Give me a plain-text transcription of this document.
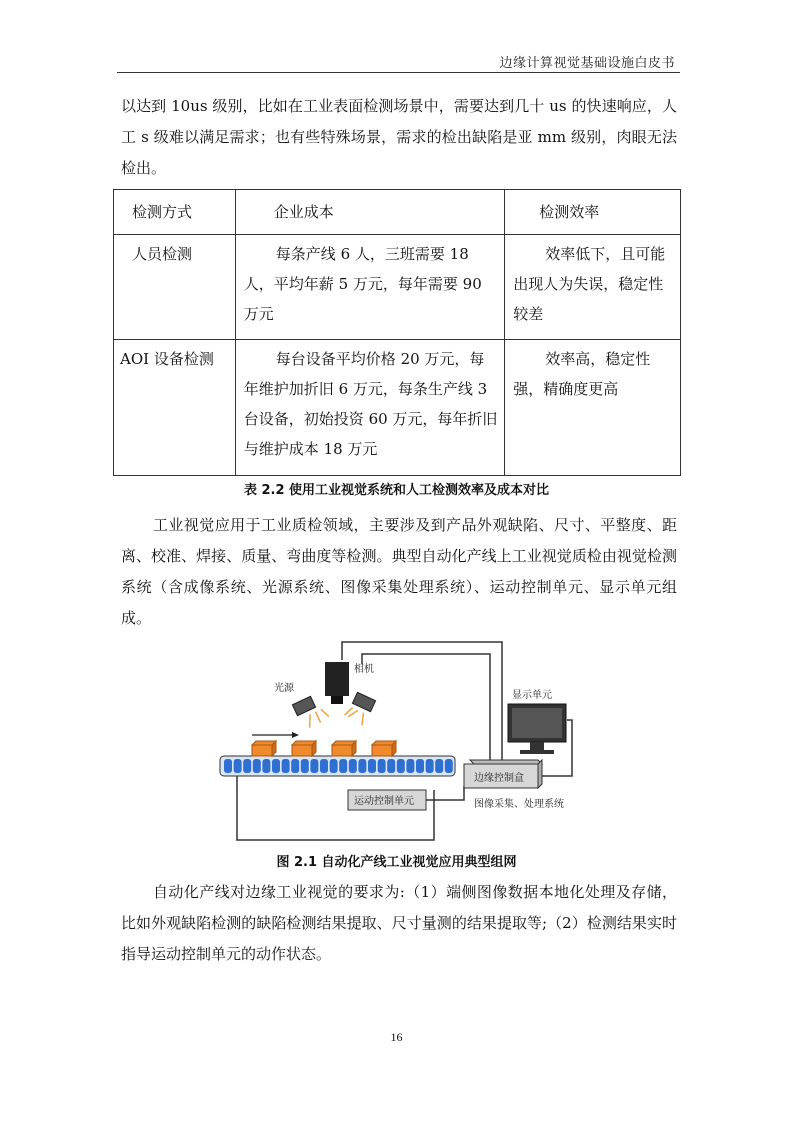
边缘计算视觉基础设施白皮书

以达到 10us 级别，比如在工业表面检测场景中，需要达到几十 us 的快速响应，人工 s 级难以满足需求；也有些特殊场景，需求的检出缺陷是亚 mm 级别，肉眼无法检出。

检测方式	企业成本	检测效率
人员检测	每条产线 6 人，三班需要 18 人，平均年薪 5 万元，每年需要 90 万元	效率低下，且可能出现人为失误，稳定性较差
AOI 设备检测	每台设备平均价格 20 万元，每年维护加折旧 6 万元，每条生产线 3 台设备，初始投资 60 万元，每年折旧与维护成本 18 万元	效率高，稳定性强，精确度更高
表 2.2 使用工业视觉系统和人工检测效率及成本对比

工业视觉应用于工业质检领域，主要涉及到产品外观缺陷、尺寸、平整度、距离、校准、焊接、质量、弯曲度等检测。典型自动化产线上工业视觉质检由视觉检测系统（含成像系统、光源系统、图像采集处理系统）、运动控制单元、显示单元组成。

相机
光源
显示单元
边缘控制盒
图像采集、处理系统
运动控制单元
图 2.1 自动化产线工业视觉应用典型组网

自动化产线对边缘工业视觉的要求为:（1）端侧图像数据本地化处理及存储，比如外观缺陷检测的缺陷检测结果提取、尺寸量测的结果提取等;（2）检测结果实时指导运动控制单元的动作状态。

16
